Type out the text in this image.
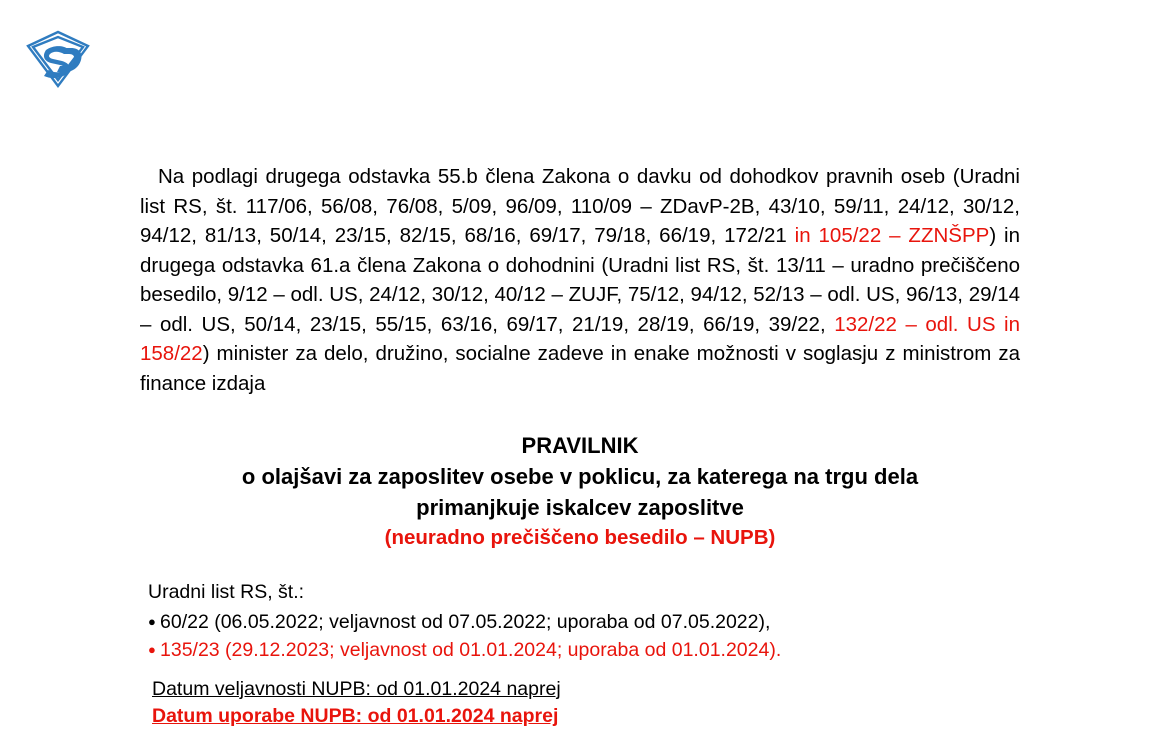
Na podlagi drugega odstavka 55.b člena Zakona o davku od dohodkov pravnih oseb (Uradni list RS, št. 117/06, 56/08, 76/08, 5/09, 96/09, 110/09 – ZDavP-2B, 43/10, 59/11, 24/12, 30/12, 94/12, 81/13, 50/14, 23/15, 82/15, 68/16, 69/17, 79/18, 66/19, 172/21 in 105/22 – ZZNŠPP) in drugega odstavka 61.a člena Zakona o dohodnini (Uradni list RS, št. 13/11 – uradno prečiščeno besedilo, 9/12 – odl. US, 24/12, 30/12, 40/12 – ZUJF, 75/12, 94/12, 52/13 – odl. US, 96/13, 29/14 – odl. US, 50/14, 23/15, 55/15, 63/16, 69/17, 21/19, 28/19, 66/19, 39/22, 132/22 – odl. US in 158/22) minister za delo, družino, socialne zadeve in enake možnosti v soglasju z ministrom za finance izdaja
PRAVILNIK
o olajšavi za zaposlitev osebe v poklicu, za katerega na trgu dela
primanjkuje iskalcev zaposlitve
(neuradno prečiščeno besedilo – NUPB)
Uradni list RS, št.:
● 60/22 (06.05.2022; veljavnost od 07.05.2022; uporaba od 07.05.2022),
● 135/23 (29.12.2023; veljavnost od 01.01.2024; uporaba od 01.01.2024).
Datum veljavnosti NUPB: od 01.01.2024 naprej
Datum uporabe NUPB: od 01.01.2024 naprej
